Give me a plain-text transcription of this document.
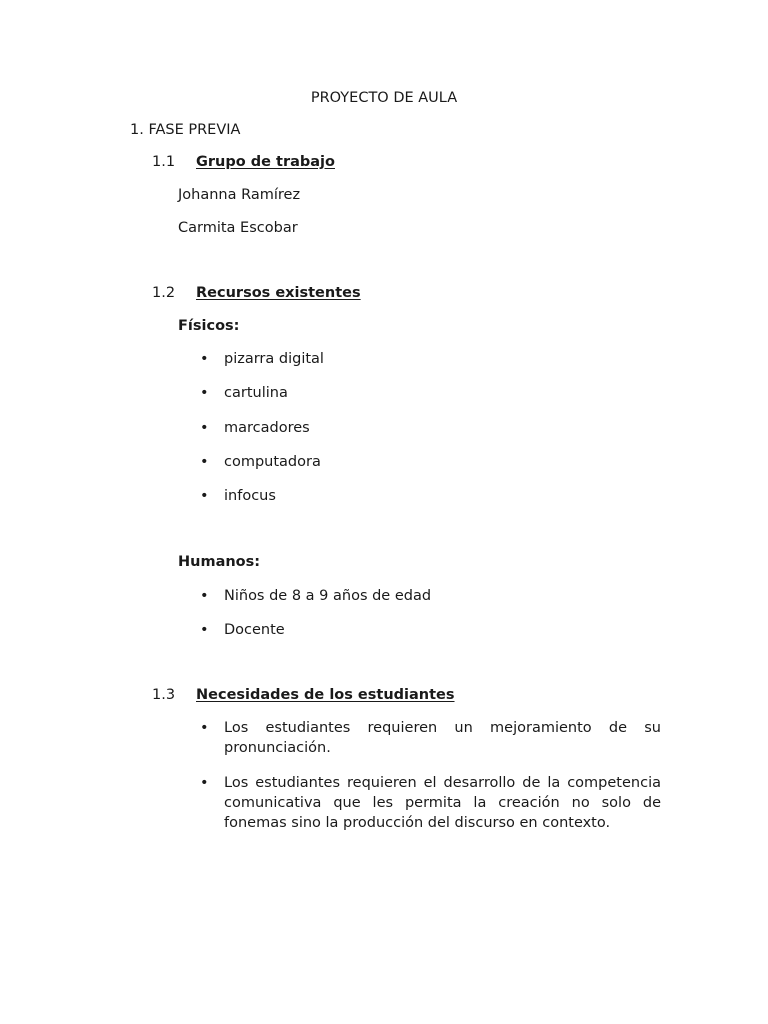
PROYECTO DE AULA
1. FASE PREVIA
1.1 Grupo de trabajo
Johanna Ramírez
Carmita Escobar
1.2 Recursos existentes
Físicos:
• pizarra digital
• cartulina
• marcadores
• computadora
• infocus
Humanos:
• Niños de 8 a 9 años de edad
• Docente
1.3 Necesidades de los estudiantes
• Los estudiantes requieren un mejoramiento de su pronunciación.
• Los estudiantes requieren el desarrollo de la competencia comunicativa que les permita la creación no solo de fonemas sino la producción del discurso en contexto.
